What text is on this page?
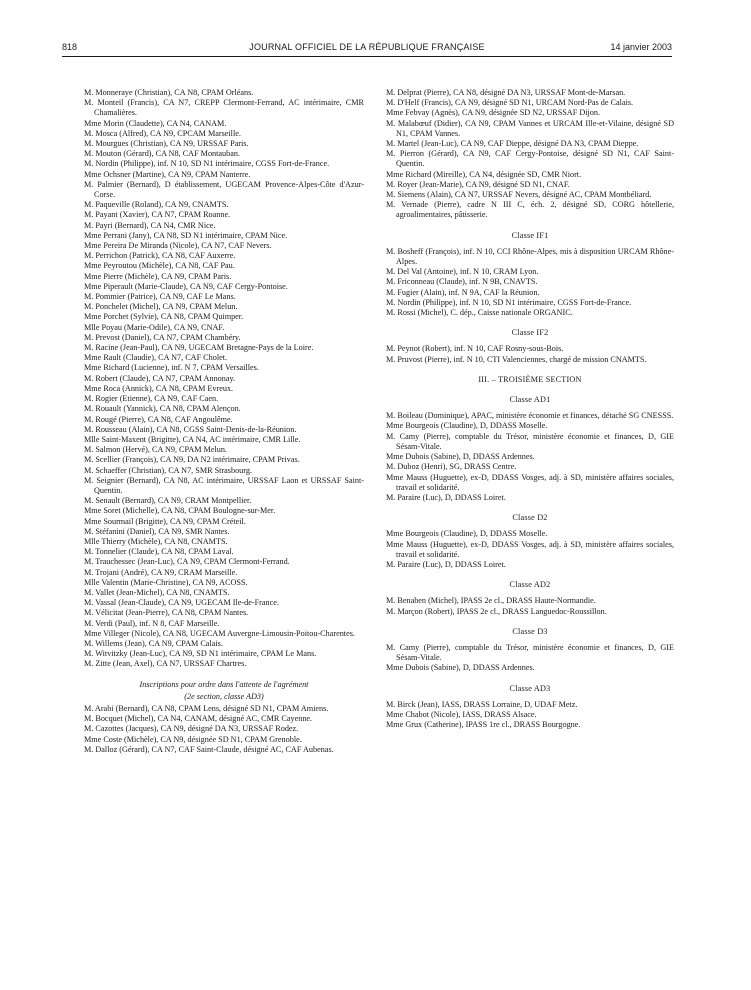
818	JOURNAL OFFICIEL DE LA RÉPUBLIQUE FRANÇAISE	14 janvier 2003

M. Monneraye (Christian), CA N8, CPAM Orléans.

M. Monteil (Francis), CA N7, CREPP Clermont-Ferrand, AC intérimaire, CMR Chamalières.

Mme Morin (Claudette), CA N4, CANAM.

M. Mosca (Alfred), CA N9, CPCAM Marseille.

M. Mourgues (Christian), CA N9, URSSAF Paris.

M. Mouton (Gérard), CA N8, CAF Montauban.

M. Nordin (Philippe), inf. N 10, SD N1 intérimaire, CGSS Fort-de-France.

Mme Ochsner (Martine), CA N9, CPAM Nanterre.

M. Palmier (Bernard), D établissement, UGECAM Provence-Alpes-Côte d'Azur-Corse.

M. Paqueville (Roland), CA N9, CNAMTS.

M. Payant (Xavier), CA N7, CPAM Roanne.

M. Payri (Bernard), CA N4, CMR Nice.

Mme Perrani (Jany), CA N8, SD N1 intérimaire, CPAM Nice.

Mme Pereira De Miranda (Nicole), CA N7, CAF Nevers.

M. Perrichon (Patrick), CA N8, CAF Auxerre.

Mme Peyroutou (Michèle), CA N8, CAF Pau.

Mme Pierre (Michèle), CA N9, CPAM Paris.

Mme Piperault (Marie-Claude), CA N9, CAF Cergy-Pontoise.

M. Pommier (Patrice), CA N9, CAF Le Mans.

M. Ponchelet (Michel), CA N9, CPAM Melun.

Mme Porchet (Sylvie), CA N8, CPAM Quimper.

Mlle Poyau (Marie-Odile), CA N9, CNAF.

M. Prevost (Daniel), CA N7, CPAM Chambéry.

M. Racine (Jean-Paul), CA N9, UGECAM Bretagne-Pays de la Loire.

Mme Rault (Claudie), CA N7, CAF Cholet.

Mme Richard (Lucienne), inf. N 7, CPAM Versailles.

M. Robert (Claude), CA N7, CPAM Annonay.

Mme Roca (Annick), CA N8, CPAM Evreux.

M. Rogier (Etienne), CA N9, CAF Caen.

M. Rouault (Yannick), CA N8, CPAM Alençon.

M. Rougé (Pierre), CA N8, CAF Angoulême.

M. Rousseau (Alain), CA N8, CGSS Saint-Denis-de-la-Réunion.

Mlle Saint-Maxent (Brigitte), CA N4, AC intérimaire, CMR Lille.

M. Salmon (Hervé), CA N9, CPAM Melun.

M. Scellier (François), CA N9, DA N2 intérimaire, CPAM Privas.

M. Schaeffer (Christian), CA N7, SMR Strasbourg.

M. Seignier (Bernard), CA N8, AC intérimaire, URSSAF Laon et URSSAF Saint-Quentin.

M. Senault (Bernard), CA N9, CRAM Montpellier.

Mme Soret (Michelle), CA N8, CPAM Boulogne-sur-Mer.

Mme Sourmail (Brigitte), CA N9, CPAM Créteil.

M. Stéfanini (Daniel), CA N9, SMR Nantes.

Mlle Thierry (Michèle), CA N8, CNAMTS.

M. Tonnelier (Claude), CA N8, CPAM Laval.

M. Trauchessec (Jean-Luc), CA N9, CPAM Clermont-Ferrand.

M. Trojani (André), CA N9, CRAM Marseille.

Mlle Valentin (Marie-Christine), CA N9, ACOSS.

M. Vallet (Jean-Michel), CA N8, CNAMTS.

M. Vassal (Jean-Claude), CA N9, UGECAM Ile-de-France.

M. Vélicitat (Jean-Pierre), CA N8, CPAM Nantes.

M. Verdi (Paul), inf. N 8, CAF Marseille.

Mme Villeger (Nicole), CA N8, UGECAM Auvergne-Limousin-Poitou-Charentes.

M. Willems (Jean), CA N9, CPAM Calais.

M. Witvitzky (Jean-Luc), CA N9, SD N1 intérimaire, CPAM Le Mans.

M. Zitte (Jean, Axel), CA N7, URSSAF Chartres.

Inscriptions pour ordre dans l'attente de l'agrément
(2e section, classe AD3)

M. Arabi (Bernard), CA N8, CPAM Lens, désigné SD N1, CPAM Amiens.

M. Bocquet (Michel), CA N4, CANAM, désigné AC, CMR Cayenne.

M. Cazottes (Jacques), CA N9, désigné DA N3, URSSAF Rodez.

Mme Coste (Michèle), CA N9, désignée SD N1, CPAM Grenoble.

M. Dalloz (Gérard), CA N7, CAF Saint-Claude, désigné AC, CAF Aubenas.

M. Delprat (Pierre), CA N8, désigné DA N3, URSSAF Mont-de-Marsan.

M. D'Helf (Francis), CA N9, désigné SD N1, URCAM Nord-Pas de Calais.

Mme Febvay (Agnès), CA N9, désignée SD N2, URSSAF Dijon.

M. Malabœuf (Didier), CA N9, CPAM Vannes et URCAM Ille-et-Vilaine, désigné SD N1, CPAM Vannes.

M. Martel (Jean-Luc), CA N9, CAF Dieppe, désigné DA N3, CPAM Dieppe.

M. Pierron (Gérard), CA N9, CAF Cergy-Pontoise, désigné SD N1, CAF Saint-Quentin.

Mme Richard (Mireille), CA N4, désignée SD, CMR Niort.

M. Royer (Jean-Marie), CA N9, désigné SD N1, CNAF.

M. Siemens (Alain), CA N7, URSSAF Nevers, désigné AC, CPAM Montbéliard.

M. Vernade (Pierre), cadre N III C, éch. 2, désigné SD, CORG hôtellerie, agroalimentaires, pâtisserie.

Classe IF1

M. Bosheff (François), inf. N 10, CCI Rhône-Alpes, mis à disposition URCAM Rhône-Alpes.

M. Del Val (Antoine), inf. N 10, CRAM Lyon.

M. Friconneau (Claude), inf. N 9B, CNAVTS.

M. Fugier (Alain), inf. N 9A, CAF la Réunion.

M. Nordin (Philippe), inf. N 10, SD N1 intérimaire, CGSS Fort-de-France.

M. Rossi (Michel), C. dép., Caisse nationale ORGANIC.

Classe IF2

M. Peynot (Robert), inf. N 10, CAF Rosny-sous-Bois.

M. Pruvost (Pierre), inf. N 10, CTI Valenciennes, chargé de mission CNAMTS.

III. – TROISIÈME SECTION
Classe AD1

M. Boileau (Dominique), APAC, ministère économie et finances, détaché SG CNESSS.

Mme Bourgeois (Claudine), D, DDASS Moselle.

M. Camy (Pierre), comptable du Trésor, ministère économie et finances, D, GIE Sésam-Vitale.

Mme Dubois (Sabine), D, DDASS Ardennes.

M. Duboz (Henri), SG, DRASS Centre.

Mme Mauss (Huguette), ex-D, DDASS Vosges, adj. à SD, ministère affaires sociales, travail et solidarité.

M. Paraire (Luc), D, DDASS Loiret.

Classe D2

Mme Bourgeois (Claudine), D, DDASS Moselle.

Mme Mauss (Huguette), ex-D, DDASS Vosges, adj. à SD, ministère affaires sociales, travail et solidarité.

M. Paraire (Luc), D, DDASS Loiret.

Classe AD2

M. Benaben (Michel), IPASS 2e cl., DRASS Haute-Normandie.

M. Marçon (Robert), IPASS 2e cl., DRASS Languedoc-Roussillon.

Classe D3

M. Camy (Pierre), comptable du Trésor, ministère économie et finances, D, GIE Sésam-Vitale.

Mme Dubois (Sabine), D, DDASS Ardennes.

Classe AD3

M. Birck (Jean), IASS, DRASS Lorraine, D, UDAF Metz.

Mme Chabot (Nicole), IASS, DRASS Alsace.

Mme Grux (Catherine), IPASS 1re cl., DRASS Bourgogne.
